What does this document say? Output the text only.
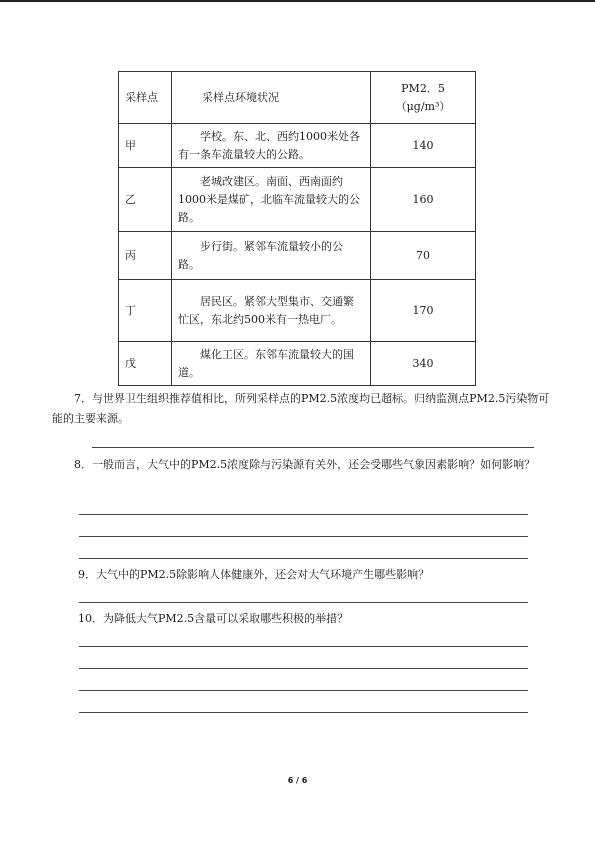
采样点	采样点环境状况	PM2．5
（μg/m³）

甲	学校。东、北、西约1000米处各有一条车流量较大的公路。	140
乙	老城改建区。南面、西南面约1000米是煤矿，北临车流量较大的公路。	160
丙	步行街。紧邻车流量较小的公路。	70
丁	居民区。紧邻大型集市、交通繁忙区，东北约500米有一热电厂。	170
戊	煤化工区。东邻车流量较大的国道。	340
7．与世界卫生组织推荐值相比，所列采样点的PM2.5浓度均已超标。归纳监测点PM2.5污染物可能的主要来源。
8．一般而言，大气中的PM2.5浓度除与污染源有关外，还会受哪些气象因素影响？如何影响？
9．大气中的PM2.5除影响人体健康外，还会对大气环境产生哪些影响？
10．为降低大气PM2.5含量可以采取哪些积极的举措？
6 / 6
